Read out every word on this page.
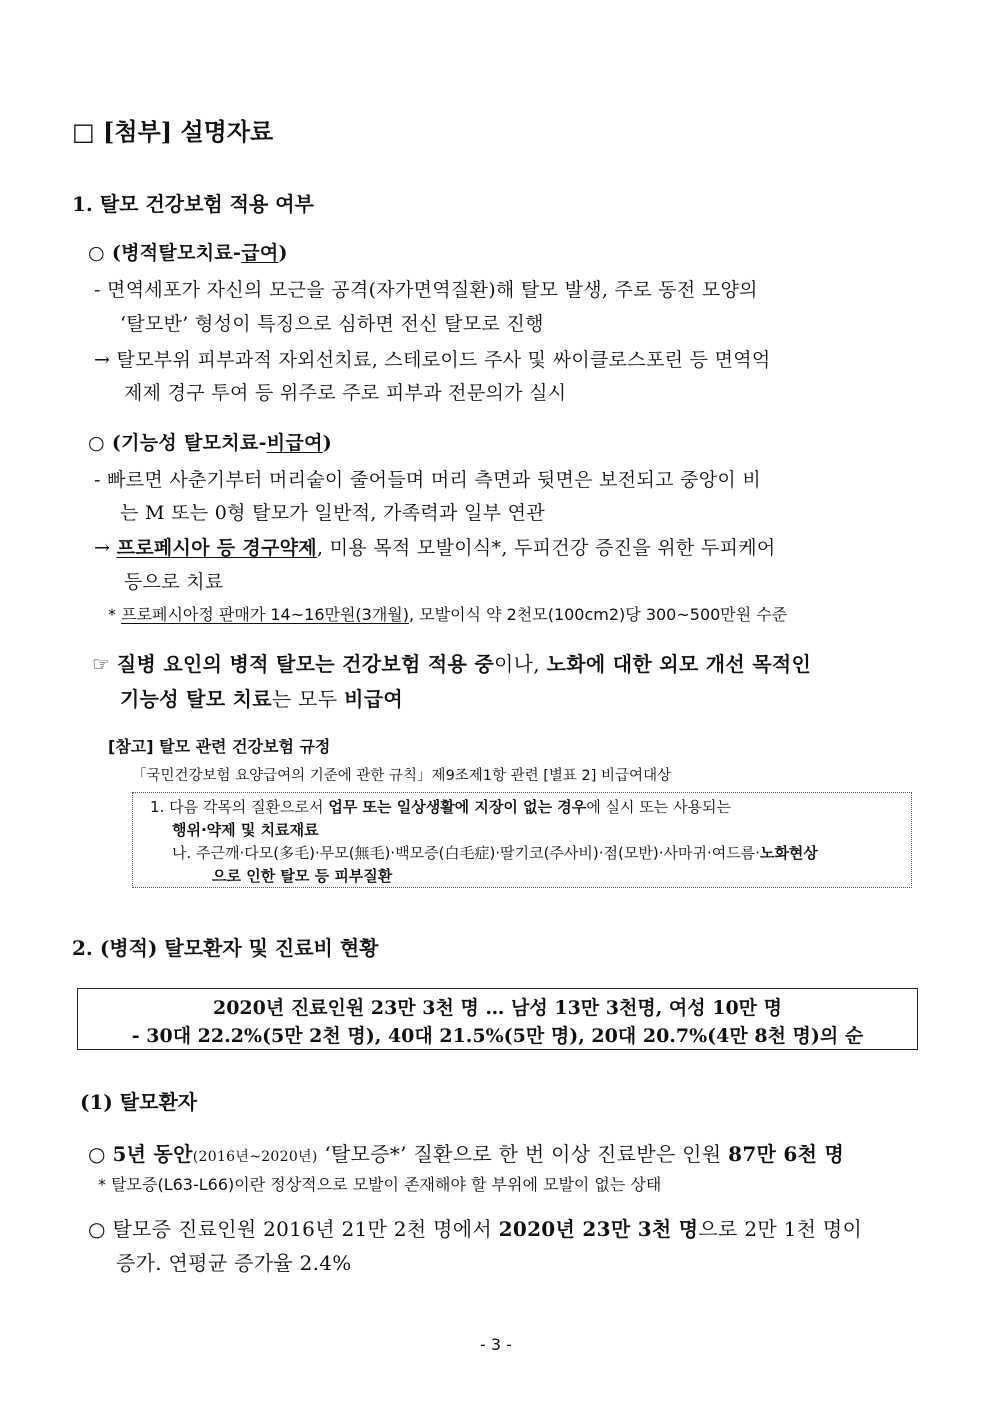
□ [첨부] 설명자료
1. 탈모 건강보험 적용 여부
○ (병적탈모치료-급여)
- 면역세포가 자신의 모근을 공격(자가면역질환)해 탈모 발생, 주로 동전 모양의
‘탈모반’ 형성이 특징으로 심하면 전신 탈모로 진행
→ 탈모부위 피부과적 자외선치료, 스테로이드 주사 및 싸이클로스포린 등 면역억
제제 경구 투여 등 위주로 주로 피부과 전문의가 실시
○ (기능성 탈모치료-비급여)
- 빠르면 사춘기부터 머리숱이 줄어들며 머리 측면과 뒷면은 보전되고 중앙이 비
는 M 또는 0형 탈모가 일반적, 가족력과 일부 연관
→ 프로페시아 등 경구약제, 미용 목적 모발이식*, 두피건강 증진을 위한 두피케어
등으로 치료
* 프로페시아정 판매가 14~16만원(3개월), 모발이식 약 2천모(100cm2)당 300~500만원 수준
☞ 질병 요인의 병적 탈모는 건강보험 적용 중이나, 노화에 대한 외모 개선 목적인
기능성 탈모 치료는 모두 비급여
[참고] 탈모 관련 건강보험 규정
「국민건강보험 요양급여의 기준에 관한 규칙」제9조제1항 관련 [별표 2] 비급여대상
1. 다음 각목의 질환으로서 업무 또는 일상생활에 지장이 없는 경우에 실시 또는 사용되는
행위·약제 및 치료재료
나. 주근깨·다모(多毛)·무모(無毛)·백모증(白毛症)·딸기코(주사비)·점(모반)·사마귀·여드름·노화현상
으로 인한 탈모 등 피부질환
2. (병적) 탈모환자 및 진료비 현황
2020년 진료인원 23만 3천 명 … 남성 13만 3천명, 여성 10만 명
- 30대 22.2%(5만 2천 명), 40대 21.5%(5만 명), 20대 20.7%(4만 8천 명)의 순
(1) 탈모환자
○ 5년 동안(2016년~2020년) ‘탈모증*’ 질환으로 한 번 이상 진료받은 인원 87만 6천 명
* 탈모증(L63-L66)이란 정상적으로 모발이 존재해야 할 부위에 모발이 없는 상태
○ 탈모증 진료인원 2016년 21만 2천 명에서 2020년 23만 3천 명으로 2만 1천 명이
증가. 연평균 증가율 2.4%
- 3 -
